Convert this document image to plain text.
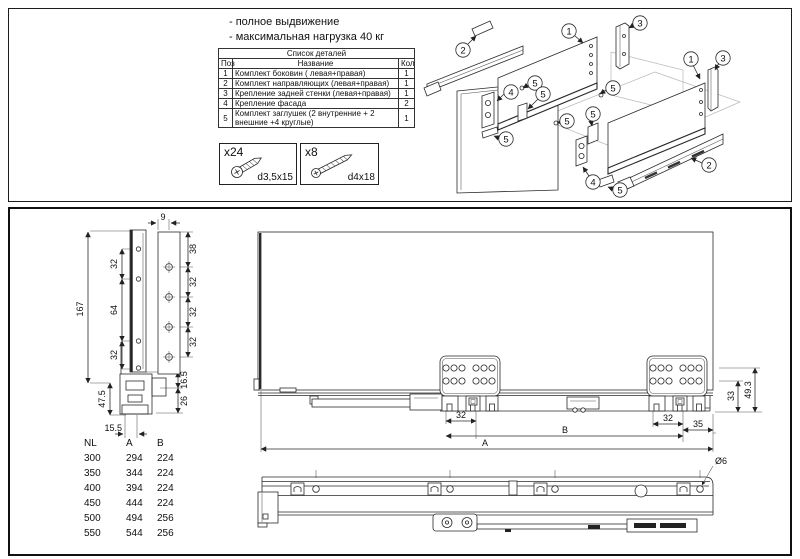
- полное выдвижение
- максимальная нагрузка 40 кг
Список деталей		
Поз	Название	Кол
1	Комплект боковин ( левая+правая)	1
2	Комплект направляющих (левая+правая)	1
3	Крепление задней стенки (левая+правая)	1
4	Крепление фасада	2
5	Комплект заглушек (2 внутренние + 2 внешние +4 круглые)	1
x24
d3,5x15
x8
d4x18
2
1
3
5
4
5
5
5
5
5
1	3
2
4
5
9
167
32
64
32
47.5
38
32
32
32
16.5
26
15.5
32	32
B
35
A
33 49.3
Ø6
NL	A	B
300	294	224
350	344	224
400	394	224
450	444	224
500	494	256
550	544	256
